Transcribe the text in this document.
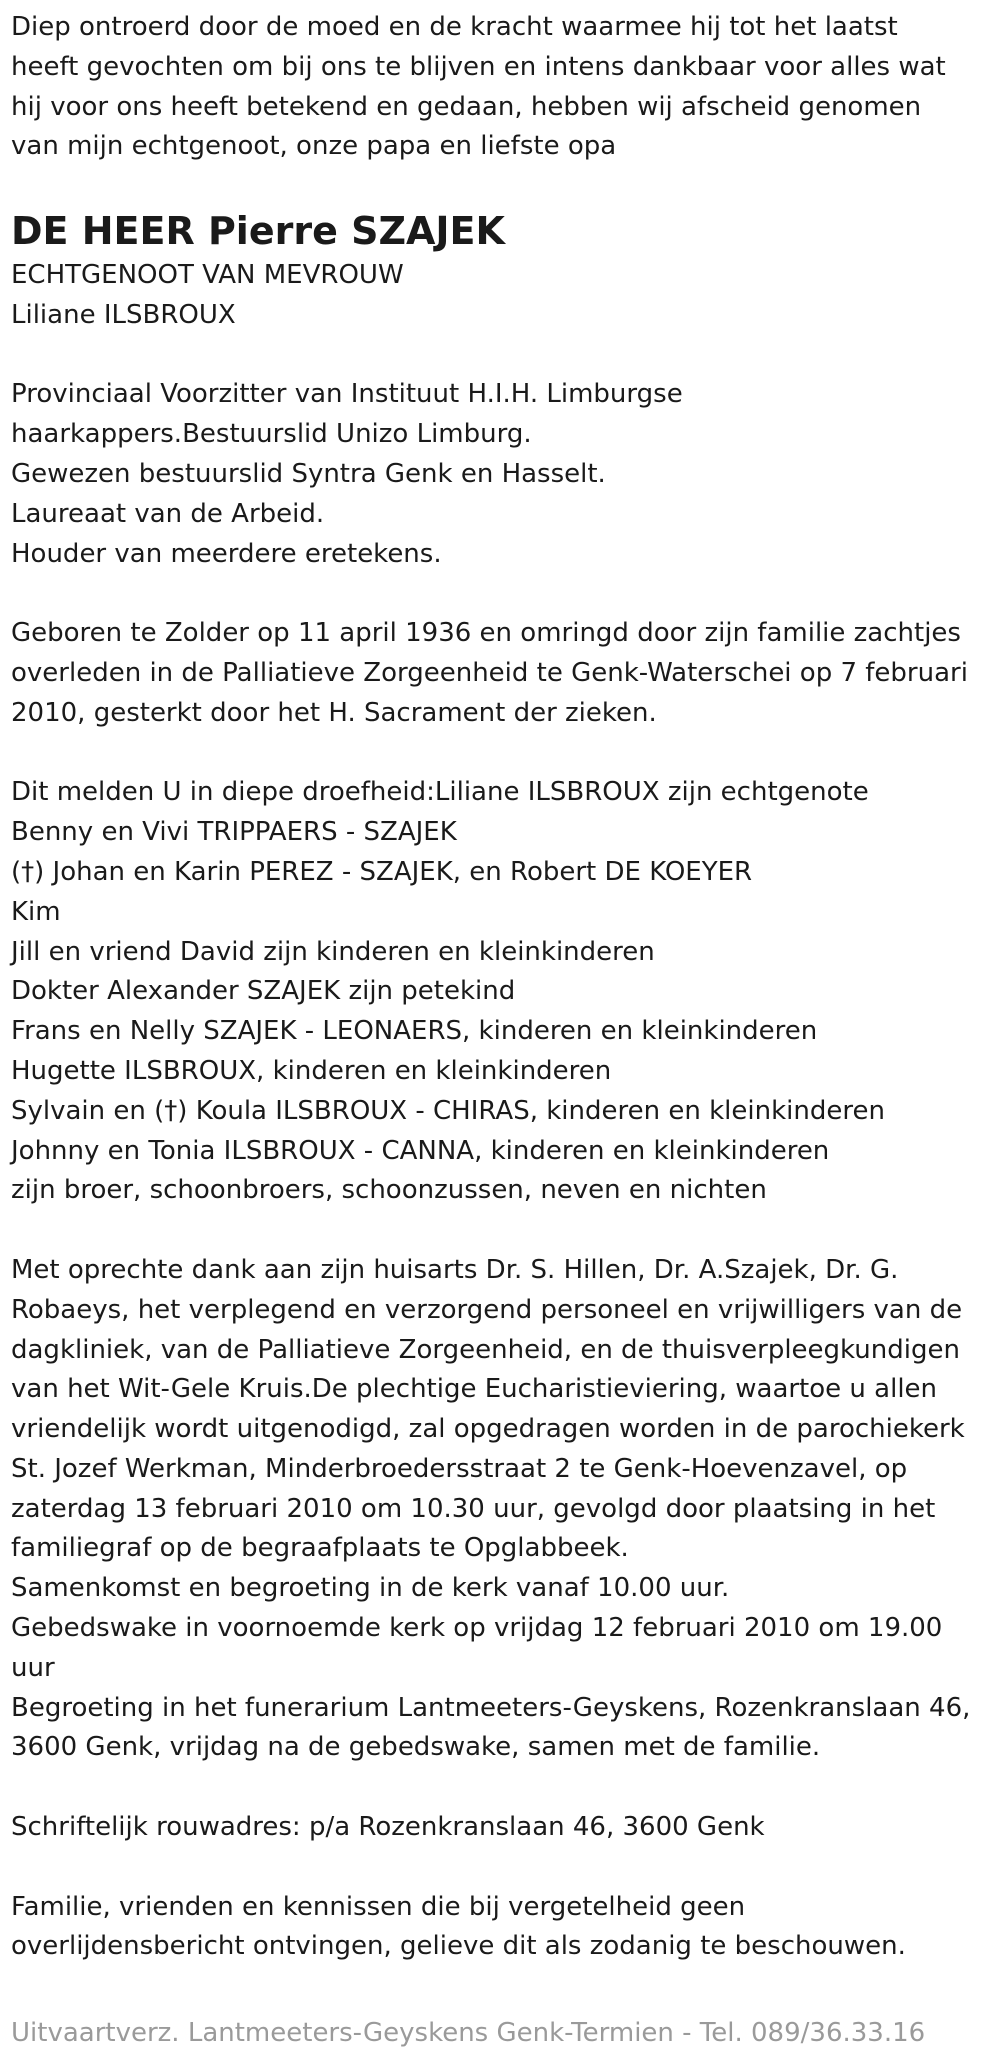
Diep ontroerd door de moed en de kracht waarmee hij tot het laatst

heeft gevochten om bij ons te blijven en intens dankbaar voor alles wat

hij voor ons heeft betekend en gedaan, hebben wij afscheid genomen

van mijn echtgenoot, onze papa en liefste opa

DE HEER Pierre SZAJEK

ECHTGENOOT VAN MEVROUW

Liliane ILSBROUX

Provinciaal Voorzitter van Instituut H.I.H. Limburgse

haarkappers.Bestuurslid Unizo Limburg.

Gewezen bestuurslid Syntra Genk en Hasselt.

Laureaat van de Arbeid.

Houder van meerdere eretekens.

Geboren te Zolder op 11 april 1936 en omringd door zijn familie zachtjes

overleden in de Palliatieve Zorgeenheid te Genk-Waterschei op 7 februari

2010, gesterkt door het H. Sacrament der zieken.

Dit melden U in diepe droefheid:Liliane ILSBROUX zijn echtgenote

Benny en Vivi TRIPPAERS - SZAJEK

(†) Johan en Karin PEREZ - SZAJEK, en Robert DE KOEYER

Kim

Jill en vriend David zijn kinderen en kleinkinderen

Dokter Alexander SZAJEK zijn petekind

Frans en Nelly SZAJEK - LEONAERS, kinderen en kleinkinderen

Hugette ILSBROUX, kinderen en kleinkinderen

Sylvain en (†) Koula ILSBROUX - CHIRAS, kinderen en kleinkinderen

Johnny en Tonia ILSBROUX - CANNA, kinderen en kleinkinderen

zijn broer, schoonbroers, schoonzussen, neven en nichten

Met oprechte dank aan zijn huisarts Dr. S. Hillen, Dr. A.Szajek, Dr. G.

Robaeys, het verplegend en verzorgend personeel en vrijwilligers van de

dagkliniek, van de Palliatieve Zorgeenheid, en de thuisverpleegkundigen

van het Wit-Gele Kruis.De plechtige Eucharistieviering, waartoe u allen

vriendelijk wordt uitgenodigd, zal opgedragen worden in de parochiekerk

St. Jozef Werkman, Minderbroedersstraat 2 te Genk-Hoevenzavel, op

zaterdag 13 februari 2010 om 10.30 uur, gevolgd door plaatsing in het

familiegraf op de begraafplaats te Opglabbeek.

Samenkomst en begroeting in de kerk vanaf 10.00 uur.

Gebedswake in voornoemde kerk op vrijdag 12 februari 2010 om 19.00

uur

Begroeting in het funerarium Lantmeeters-Geyskens, Rozenkranslaan 46,

3600 Genk, vrijdag na de gebedswake, samen met de familie.

Schriftelijk rouwadres: p/a Rozenkranslaan 46, 3600 Genk

Familie, vrienden en kennissen die bij vergetelheid geen

overlijdensbericht ontvingen, gelieve dit als zodanig te beschouwen.

Uitvaartverz. Lantmeeters-Geyskens Genk-Termien - Tel. 089/36.33.16
